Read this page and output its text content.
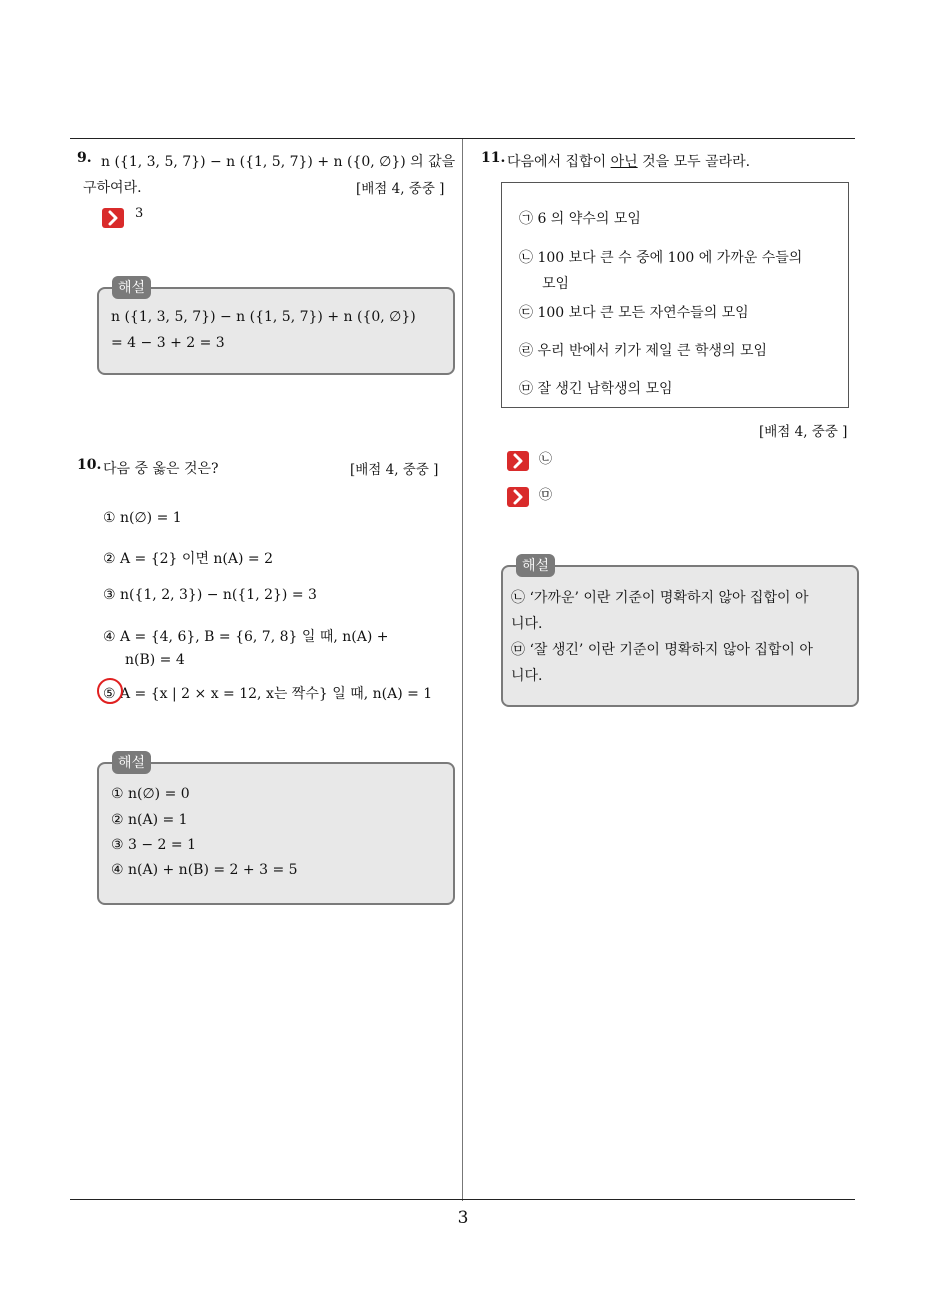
9. n ({1, 3, 5, 7}) − n ({1, 5, 7}) + n ({0, ∅}) 의 값을
구하여라.	[배점 4, 중중 ]
3
n ({1, 3, 5, 7}) − n ({1, 5, 7}) + n ({0, ∅})
= 4 − 3 + 2 = 3
해설
10. 다음 중 옳은 것은?	[배점 4, 중중 ]
① n(∅) = 1
② A = {2} 이면 n(A) = 2
③ n({1, 2, 3}) − n({1, 2}) = 3
④ A = {4, 6}, B = {6, 7, 8} 일 때, n(A) +
n(B) = 4
⑤ A = {x | 2 × x = 12, x는 짝수} 일 때, n(A) = 1
① n(∅) = 0
② n(A) = 1
③ 3 − 2 = 1
④ n(A) + n(B) = 2 + 3 = 5
해설
11. 다음에서 집합이 아닌 것을 모두 골라라.
㉠ 6 의 약수의 모임
㉡ 100 보다 큰 수 중에 100 에 가까운 수들의
모임
㉢ 100 보다 큰 모든 자연수들의 모임
㉣ 우리 반에서 키가 제일 큰 학생의 모임
㉤ 잘 생긴 남학생의 모임
[배점 4, 중중 ]
㉡
㉤
㉡ ‘가까운’ 이란 기준이 명확하지 않아 집합이 아
니다.
㉤ ‘잘 생긴’ 이란 기준이 명확하지 않아 집합이 아
니다.
해설
3
